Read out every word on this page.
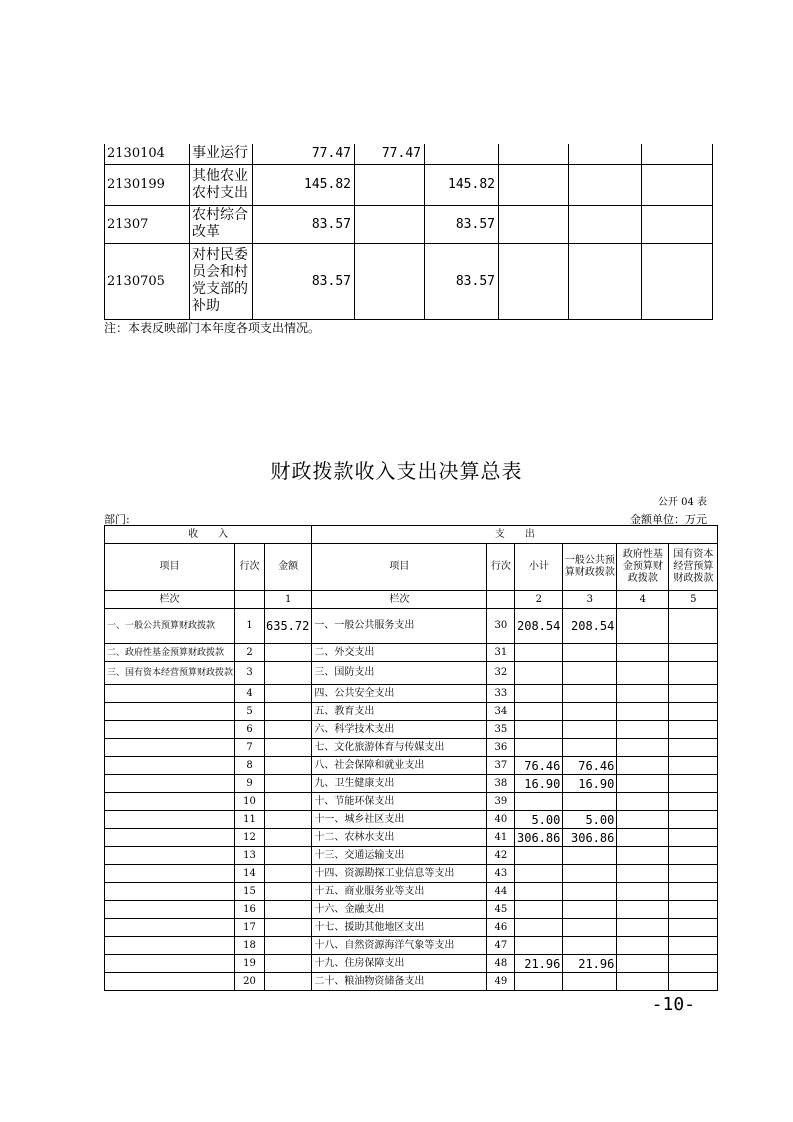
2130104	事业运行	77.47	77.47				
2130199	其他农业农村支出	145.82		145.82			
21307	农村综合改革	83.57		83.57			
2130705	对村民委员会和村党支部的补助	83.57		83.57			
注：本表反映部门本年度各项支出情况。
财政拨款收入支出决算总表
公开 04 表
部门:	金额单位：万元
收　　入			支　　出					
项目	行次	金额	项目	行次	小计	一般公共预算财政拨款	政府性基金预算财政拨款	国有资本经营预算财政拨款
栏次		1	栏次		2	3	4	5
一、一般公共预算财政拨款	1	635.72	一、一般公共服务支出	30	208.54	208.54		
二、政府性基金预算财政拨款	2		二、外交支出	31				
三、国有资本经营预算财政拨款	3		三、国防支出	32				
	4		四、公共安全支出	33				
	5		五、教育支出	34				
	6		六、科学技术支出	35				
	7		七、文化旅游体育与传媒支出	36				
	8		八、社会保障和就业支出	37	76.46	76.46		
	9		九、卫生健康支出	38	16.90	16.90		
	10		十、节能环保支出	39				
	11		十一、城乡社区支出	40	5.00	5.00		
	12		十二、农林水支出	41	306.86	306.86		
	13		十三、交通运输支出	42				
	14		十四、资源勘探工业信息等支出	43				
	15		十五、商业服务业等支出	44				
	16		十六、金融支出	45				
	17		十七、援助其他地区支出	46				
	18		十八、自然资源海洋气象等支出	47				
	19		十九、住房保障支出	48	21.96	21.96		
	20		二十、粮油物资储备支出	49				
-10-
